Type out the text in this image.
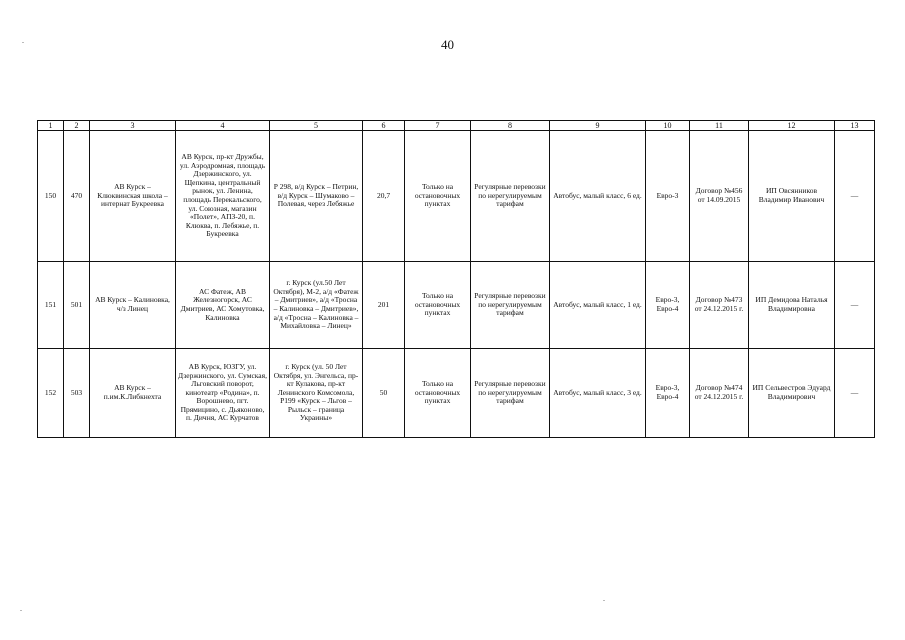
40
1	2	3	4	5	6	7	8	9	10	11	12	13
150	470	АВ Курск – Клюквинская школа – интернат Букреевка	АВ Курск, пр-кт Дружбы, ул. Аэродромная, площадь Дзержинского, ул. Щепкина, центральный рынок, ул. Ленина, площадь Перекальского, ул. Союзная, магазин «Полет», АПЗ-20, п. Клюква, п. Лебяжье, п. Букреевка	Р 298, в/д Курск – Петрин, в/д Курск – Шумаково – Полевая, через Лебяжье	20,7	Только на остановочных пунктах	Регулярные перевозки по нерегулируемым тарифам	Автобус, малый класс, 6 ед.	Евро-3	Договор №456 от 14.09.2015	ИП Овсянников Владимир Иванович	—
151	501	АВ Курск – Калиновка, ч/з Линец	АС Фатеж, АВ Железногорск, АС Дмитриев, АС Хомутовка, Калиновка	г. Курск (ул.50 Лет Октября), М-2, а/д «Фатеж – Дмитриев», а/д «Тросна – Калиновка – Дмитриев», а/д «Тросна – Калиновка – Михайловка – Линец»	201	Только на остановочных пунктах	Регулярные перевозки по нерегулируемым тарифам	Автобус, малый класс, 1 ед.	Евро-3, Евро-4	Договор №473 от 24.12.2015 г.	ИП Демидова Наталья Владимировна	—
152	503	АВ Курск – п.им.К.Либкнехта	АВ Курск, ЮЗГУ, ул. Дзержинского, ул. Сумская, Льговский поворот, кинотеатр «Родина», п. Ворошнево, пгт. Прямицино, с. Дьяконово, п. Дичня, АС Курчатов	г. Курск (ул. 50 Лет Октября, ул. Энгельса, пр-кт Кулакова, пр-кт Ленинского Комсомола, Р199 «Курск – Льгов – Рыльск – граница Украины»	50	Только на остановочных пунктах	Регулярные перевозки по нерегулируемым тарифам	Автобус, малый класс, 3 ед.	Евро-3, Евро-4	Договор №474 от 24.12.2015 г.	ИП Сельвестров Эдуард Владимирович	—
